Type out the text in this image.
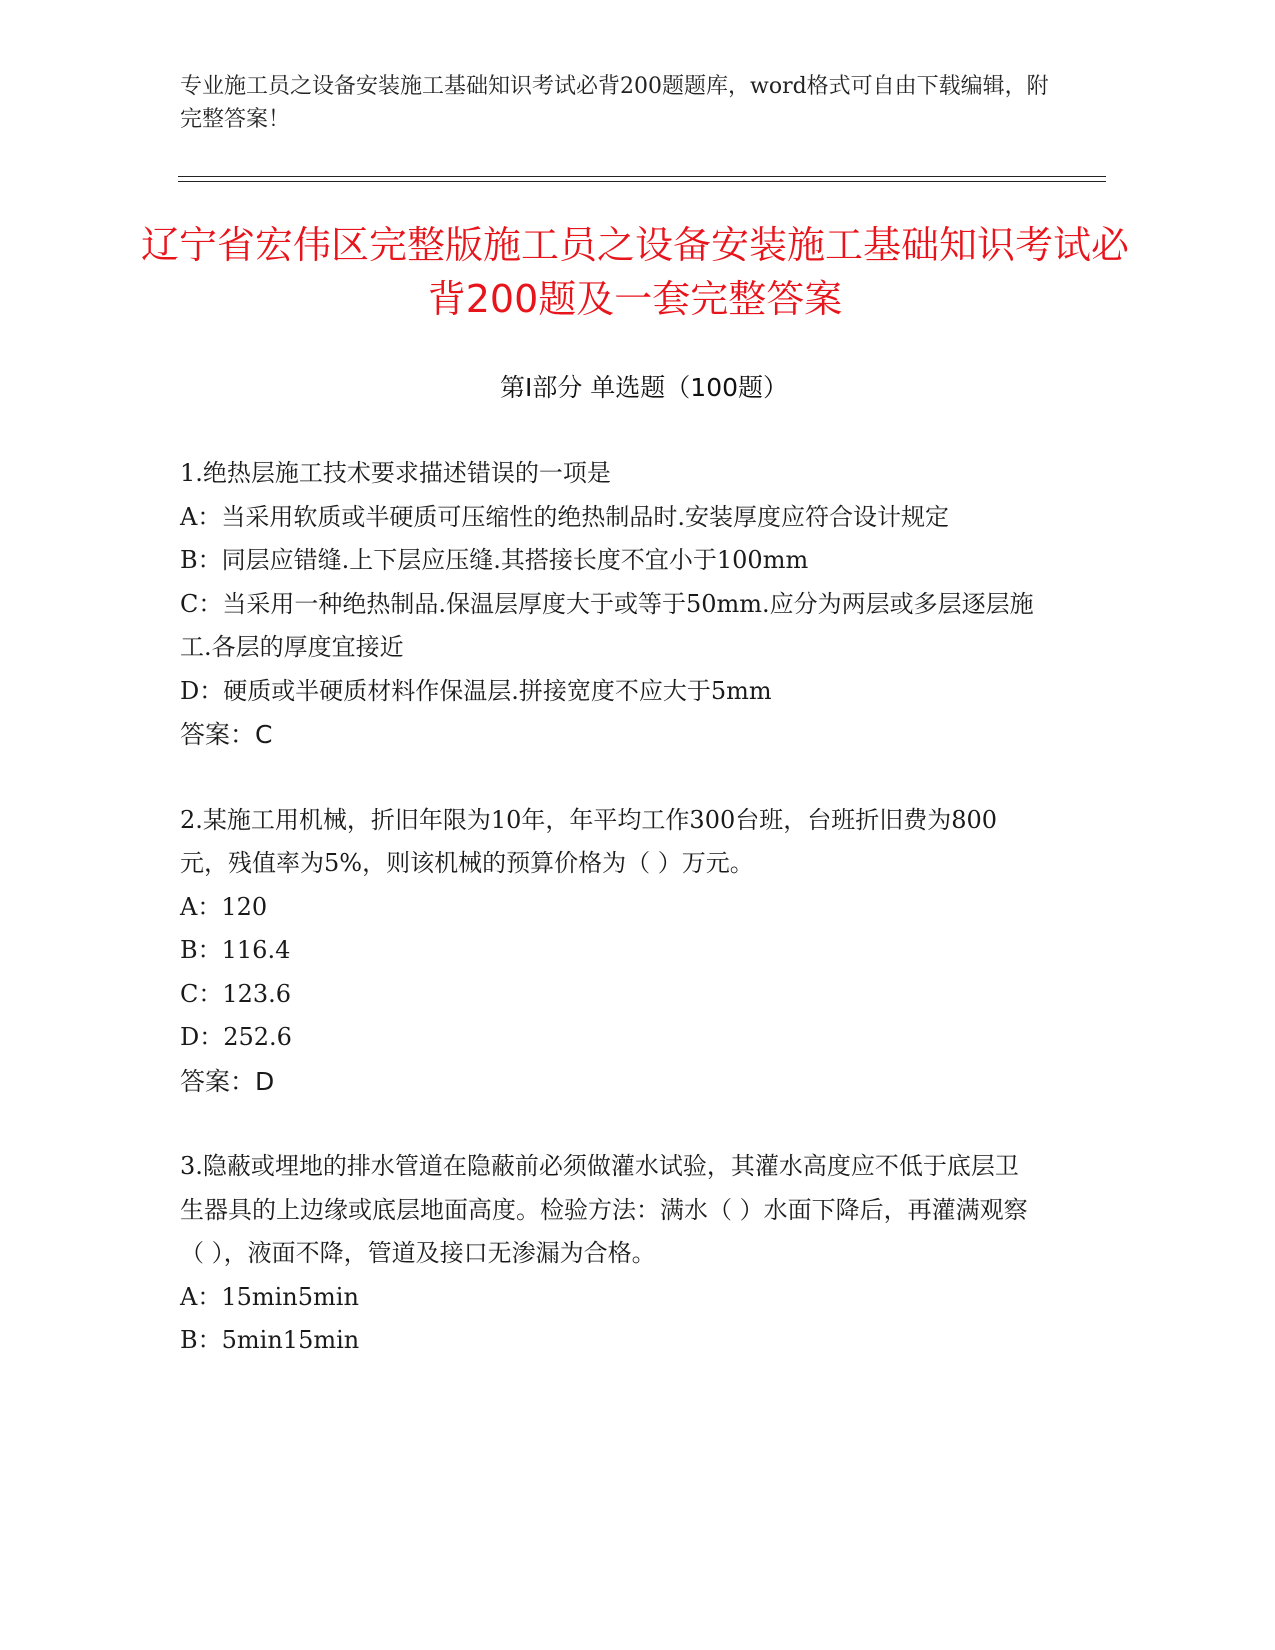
专业施工员之设备安装施工基础知识考试必背200题题库，word格式可自由下载编辑，附完整答案！
辽宁省宏伟区完整版施工员之设备安装施工基础知识考试必背200题及一套完整答案
第Ⅰ部分 单选题（100题）
1.绝热层施工技术要求描述错误的一项是
A：当采用软质或半硬质可压缩性的绝热制品时.安装厚度应符合设计规定
B：同层应错缝.上下层应压缝.其搭接长度不宜小于100mm
C：当采用一种绝热制品.保温层厚度大于或等于50mm.应分为两层或多层逐层施工.各层的厚度宜接近
D：硬质或半硬质材料作保温层.拼接宽度不应大于5mm
答案：C
2.某施工用机械，折旧年限为10年，年平均工作300台班，台班折旧费为800元，残值率为5%，则该机械的预算价格为（ ）万元。
A：120
B：116.4
C：123.6
D：252.6
答案：D
3.隐蔽或埋地的排水管道在隐蔽前必须做灌水试验，其灌水高度应不低于底层卫生器具的上边缘或底层地面高度。检验方法：满水（ ）水面下降后，再灌满观察（ ），液面不降，管道及接口无渗漏为合格。
A：15min5min
B：5min15min
